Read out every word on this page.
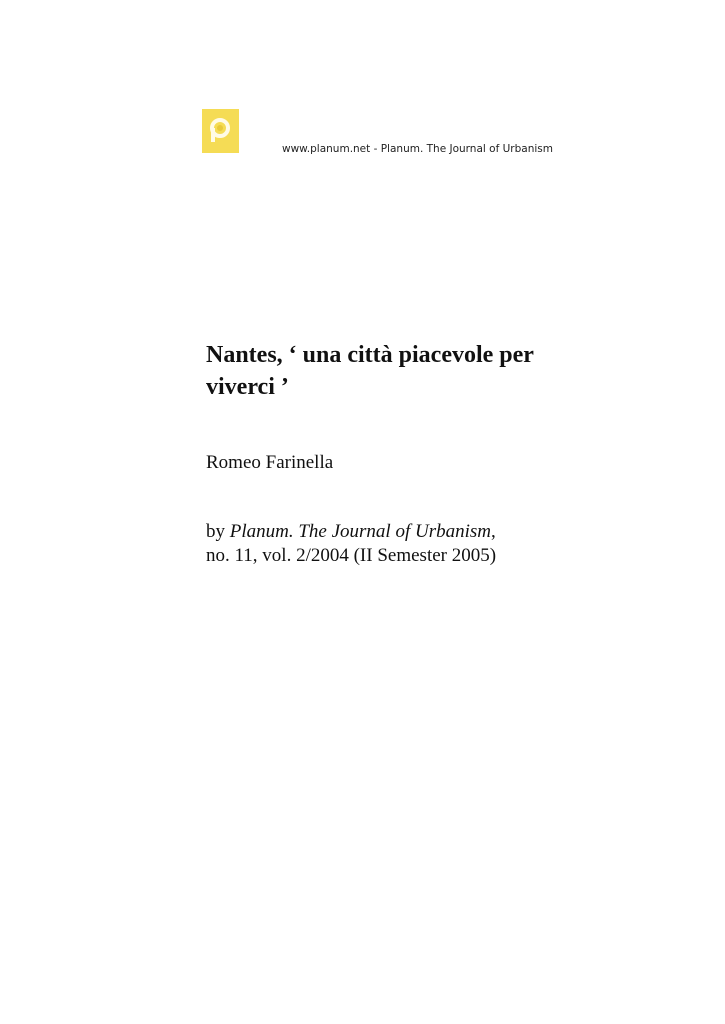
www.planum.net - Planum. The Journal of Urbanism
Nantes, ‘ una città piacevole per viverci ’
Romeo Farinella
by Planum. The Journal of Urbanism, no. 11, vol. 2/2004 (II Semester 2005)
